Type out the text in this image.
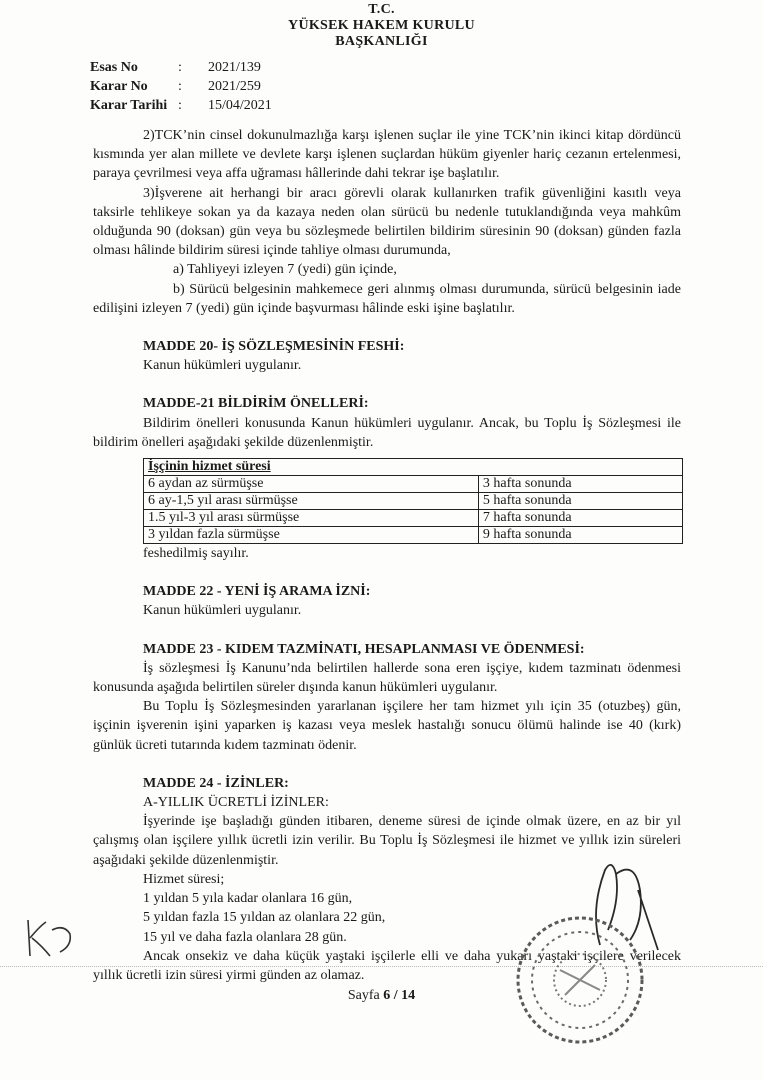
T.C.
YÜKSEK HAKEM KURULU
BAŞKANLIĞI
Esas No	:	2021/139
Karar No	:	2021/259
Karar Tarihi :	15/04/2021

2)TCK’nin cinsel dokunulmazlığa karşı işlenen suçlar ile yine TCK’nin ikinci kitap dördüncü kısmında yer alan millete ve devlete karşı işlenen suçlardan hüküm giyenler hariç cezanın ertelenmesi, paraya çevrilmesi veya affa uğraması hâllerinde dahi tekrar işe başlatılır.

3)İşverene ait herhangi bir aracı görevli olarak kullanırken trafik güvenliğini kasıtlı veya taksirle tehlikeye sokan ya da kazaya neden olan sürücü bu nedenle tutuklandığında veya mahkûm olduğunda 90 (doksan) gün veya bu sözleşmede belirtilen bildirim süresinin 90 (doksan) günden fazla olması hâlinde bildirim süresi içinde tahliye olması durumunda,

a) Tahliyeyi izleyen 7 (yedi) gün içinde,

b) Sürücü belgesinin mahkemece geri alınmış olması durumunda, sürücü belgesinin iade edilişini izleyen 7 (yedi) gün içinde başvurması hâlinde eski işine başlatılır.

MADDE 20- İŞ SÖZLEŞMESİNİN FESHİ:

Kanun hükümleri uygulanır.

MADDE-21 BİLDİRİM ÖNELLERİ:

Bildirim önelleri konusunda Kanun hükümleri uygulanır. Ancak, bu Toplu İş Sözleşmesi ile bildirim önelleri aşağıdaki şekilde düzenlenmiştir.

İşçinin hizmet süresi	
6 aydan az sürmüşse	3 hafta sonunda
6 ay-1,5 yıl arası sürmüşse	5 hafta sonunda
1.5 yıl-3 yıl arası sürmüşse	7 hafta sonunda
3 yıldan fazla sürmüşse	9 hafta sonunda

feshedilmiş sayılır.

MADDE 22 - YENİ İŞ ARAMA İZNİ:

Kanun hükümleri uygulanır.

MADDE 23 - KIDEM TAZMİNATI, HESAPLANMASI VE ÖDENMESİ:

İş sözleşmesi İş Kanunu’nda belirtilen hallerde sona eren işçiye, kıdem tazminatı ödenmesi konusunda aşağıda belirtilen süreler dışında kanun hükümleri uygulanır.

Bu Toplu İş Sözleşmesinden yararlanan işçilere her tam hizmet yılı için 35 (otuzbeş) gün, işçinin işverenin işini yaparken iş kazası veya meslek hastalığı sonucu ölümü halinde ise 40 (kırk) günlük ücreti tutarında kıdem tazminatı ödenir.

MADDE 24 - İZİNLER:

A-YILLIK ÜCRETLİ İZİNLER:

İşyerinde işe başladığı günden itibaren, deneme süresi de içinde olmak üzere, en az bir yıl çalışmış olan işçilere yıllık ücretli izin verilir. Bu Toplu İş Sözleşmesi ile hizmet ve yıllık izin süreleri aşağıdaki şekilde düzenlenmiştir.

Hizmet süresi;

1 yıldan 5 yıla kadar olanlara 16 gün,

5 yıldan fazla 15 yıldan az olanlara 22 gün,

15 yıl ve daha fazla olanlara 28 gün.

Ancak onsekiz ve daha küçük yaştaki işçilerle elli ve daha yukarı yaştaki işçilere verilecek yıllık ücretli izin süresi yirmi günden az olamaz.

Sayfa 6 / 14
